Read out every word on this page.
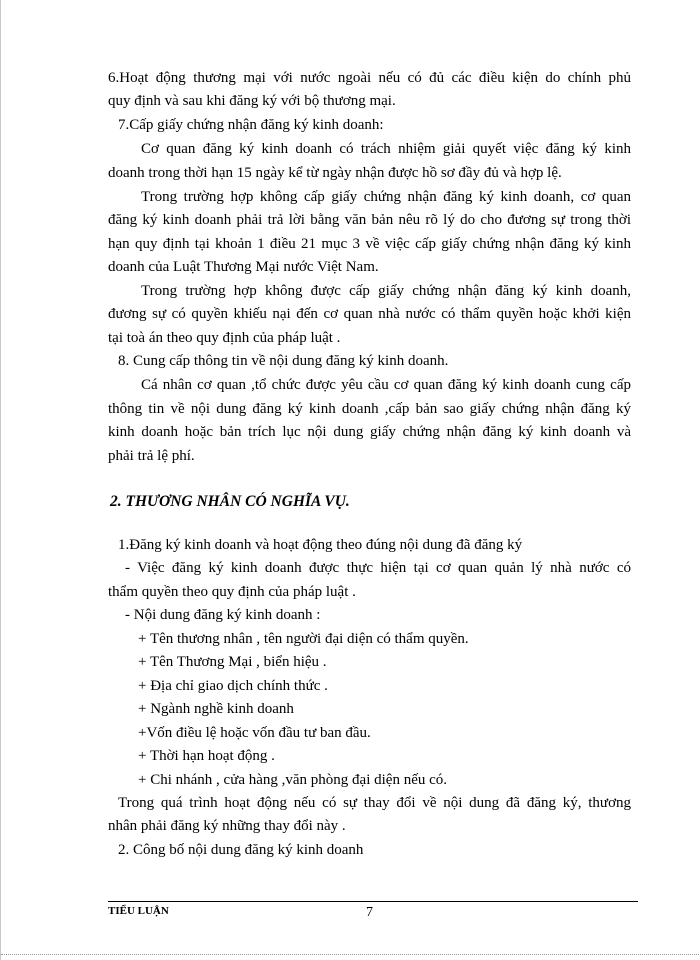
6.Hoạt động thương mại với nước ngoài nếu có đủ các điều kiện do chính phủ
quy định và sau khi đăng ký với bộ thương mại.
7.Cấp giấy chứng nhận đăng ký kinh doanh:
Cơ quan đăng ký kinh doanh có trách nhiệm giải quyết việc đăng ký kinh
doanh trong thời hạn 15 ngày kể từ ngày nhận được hồ sơ đầy đủ và hợp lệ.
Trong trường hợp không cấp giấy chứng nhận đăng ký kinh doanh, cơ quan
đăng ký kinh doanh phải trả lời bằng văn bản nêu rõ lý do cho đương sự trong thời
hạn quy định tại khoản 1 điều 21 mục 3 về việc cấp giấy chứng nhận đăng ký kinh
doanh của Luật Thương Mại nước Việt Nam.
Trong trường hợp không được cấp giấy chứng nhận đăng ký kinh doanh,
đương sự có quyền khiếu nại đến cơ quan nhà nước có thẩm quyền hoặc khởi kiện
tại toà án theo quy định của pháp luật .
8. Cung cấp thông tin về nội dung đăng ký kinh doanh.
Cá nhân cơ quan ,tổ chức được yêu cầu cơ quan đăng ký kinh doanh cung cấp
thông tin về nội dung đăng ký kinh doanh ,cấp bản sao giấy chứng nhận đăng ký
kinh doanh hoặc bản trích lục nội dung giấy chứng nhận đăng ký kinh doanh và
phải trả lệ phí.
2. THƯƠNG NHÂN CÓ NGHĨA VỤ.
1.Đăng ký kinh doanh và hoạt động theo đúng nội dung đã đăng ký
- Việc đăng ký kinh doanh được thực hiện tại cơ quan quản lý nhà nước có
thẩm quyền theo quy định của pháp luật .
- Nội dung đăng ký kinh doanh :
+ Tên thương nhân , tên người đại diện có thẩm quyền.
+ Tên Thương Mại , biển hiệu .
+ Địa chỉ giao dịch chính thức .
+ Ngành nghề kinh doanh
+Vốn điều lệ hoặc vốn đầu tư ban đầu.
+ Thời hạn hoạt động .
+ Chi nhánh , cửa hàng ,văn phòng đại diện nếu có.
Trong quá trình hoạt động nếu có sự thay đổi về nội dung đã đăng ký, thương
nhân phải đăng ký những thay đổi này .
2. Công bố nội dung đăng ký kinh doanh
TIỂU LUẬN	7
